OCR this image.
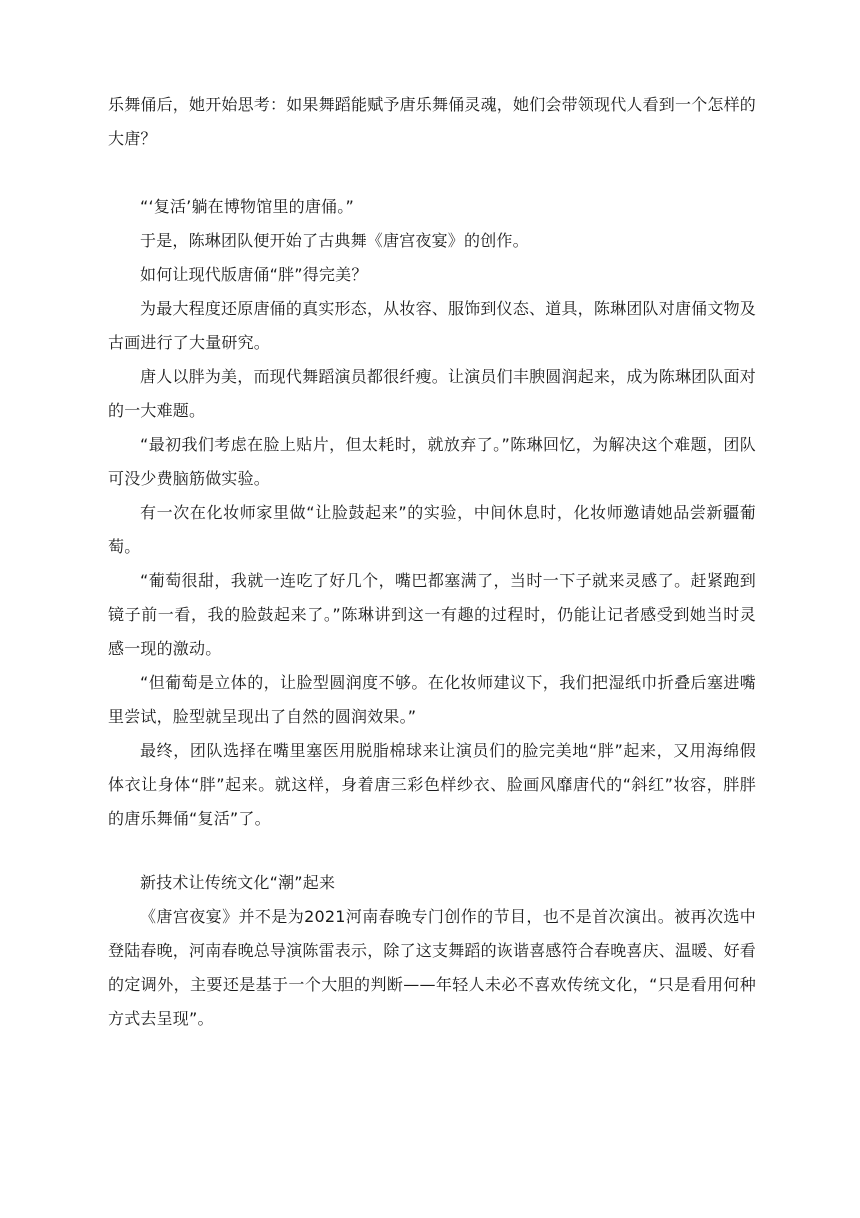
乐舞俑后，她开始思考：如果舞蹈能赋予唐乐舞俑灵魂，她们会带领现代人看到一个怎样的大唐？

“‘复活’躺在博物馆里的唐俑。”

于是，陈琳团队便开始了古典舞《唐宫夜宴》的创作。

如何让现代版唐俑“胖”得完美？

为最大程度还原唐俑的真实形态，从妆容、服饰到仪态、道具，陈琳团队对唐俑文物及古画进行了大量研究。

唐人以胖为美，而现代舞蹈演员都很纤瘦。让演员们丰腴圆润起来，成为陈琳团队面对的一大难题。

“最初我们考虑在脸上贴片，但太耗时，就放弃了。”陈琳回忆，为解决这个难题，团队可没少费脑筋做实验。

有一次在化妆师家里做“让脸鼓起来”的实验，中间休息时，化妆师邀请她品尝新疆葡萄。

“葡萄很甜，我就一连吃了好几个，嘴巴都塞满了，当时一下子就来灵感了。赶紧跑到镜子前一看，我的脸鼓起来了。”陈琳讲到这一有趣的过程时，仍能让记者感受到她当时灵感一现的激动。

“但葡萄是立体的，让脸型圆润度不够。在化妆师建议下，我们把湿纸巾折叠后塞进嘴里尝试，脸型就呈现出了自然的圆润效果。”

最终，团队选择在嘴里塞医用脱脂棉球来让演员们的脸完美地“胖”起来，又用海绵假体衣让身体“胖”起来。就这样，身着唐三彩色样纱衣、脸画风靡唐代的“斜红”妆容，胖胖的唐乐舞俑“复活”了。

新技术让传统文化“潮”起来

《唐宫夜宴》并不是为2021河南春晚专门创作的节目，也不是首次演出。被再次选中登陆春晚，河南春晚总导演陈雷表示，除了这支舞蹈的诙谐喜感符合春晚喜庆、温暖、好看的定调外，主要还是基于一个大胆的判断——年轻人未必不喜欢传统文化，“只是看用何种方式去呈现”。
